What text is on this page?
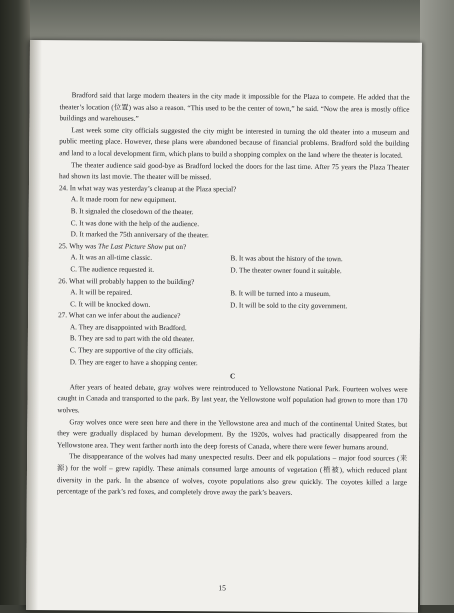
Bradford said that large modern theaters in the city made it impossible for the Plaza to compete. He added that the theater’s location (位置) was also a reason. “This used to be the center of town,” he said. “Now the area is mostly office buildings and warehouses.”

Last week some city officials suggested the city might be interested in turning the old theater into a museum and public meeting place. However, these plans were abandoned because of financial problems. Bradford sold the building and land to a local development firm, which plans to build a shopping complex on the land where the theater is located.

The theater audience said good-bye as Bradford locked the doors for the last time. After 75 years the Plaza Theater had shown its last movie. The theater will be missed.

24. In what way was yesterday’s cleanup at the Plaza special?

A. It made room for new equipment.

B. It signaled the closedown of the theater.

C. It was done with the help of the audience.

D. It marked the 75th anniversary of the theater.

25. Why was The Last Picture Show put on?

A. It was an all-time classic.	B. It was about the history of the town.

C. The audience requested it.	D. The theater owner found it suitable.

26. What will probably happen to the building?

A. It will be repaired.	B. It will be turned into a museum.

C. It will be knocked down.	D. It will be sold to the city government.

27. What can we infer about the audience?

A. They are disappointed with Bradford.

B. They are sad to part with the old theater.

C. They are supportive of the city officials.

D. They are eager to have a shopping center.

C

After years of heated debate, gray wolves were reintroduced to Yellowstone National Park. Fourteen wolves were caught in Canada and transported to the park. By last year, the Yellowstone wolf population had grown to more than 170 wolves.

Gray wolves once were seen here and there in the Yellowstone area and much of the continental United States, but they were gradually displaced by human development. By the 1920s, wolves had practically disappeared from the Yellowstone area. They went farther north into the deep forests of Canada, where there were fewer humans around.

The disappearance of the wolves had many unexpected results. Deer and elk populations – major food sources (来源) for the wolf – grew rapidly. These animals consumed large amounts of vegetation (植被), which reduced plant diversity in the park. In the absence of wolves, coyote populations also grew quickly. The coyotes killed a large percentage of the park’s red foxes, and completely drove away the park’s beavers.

15
